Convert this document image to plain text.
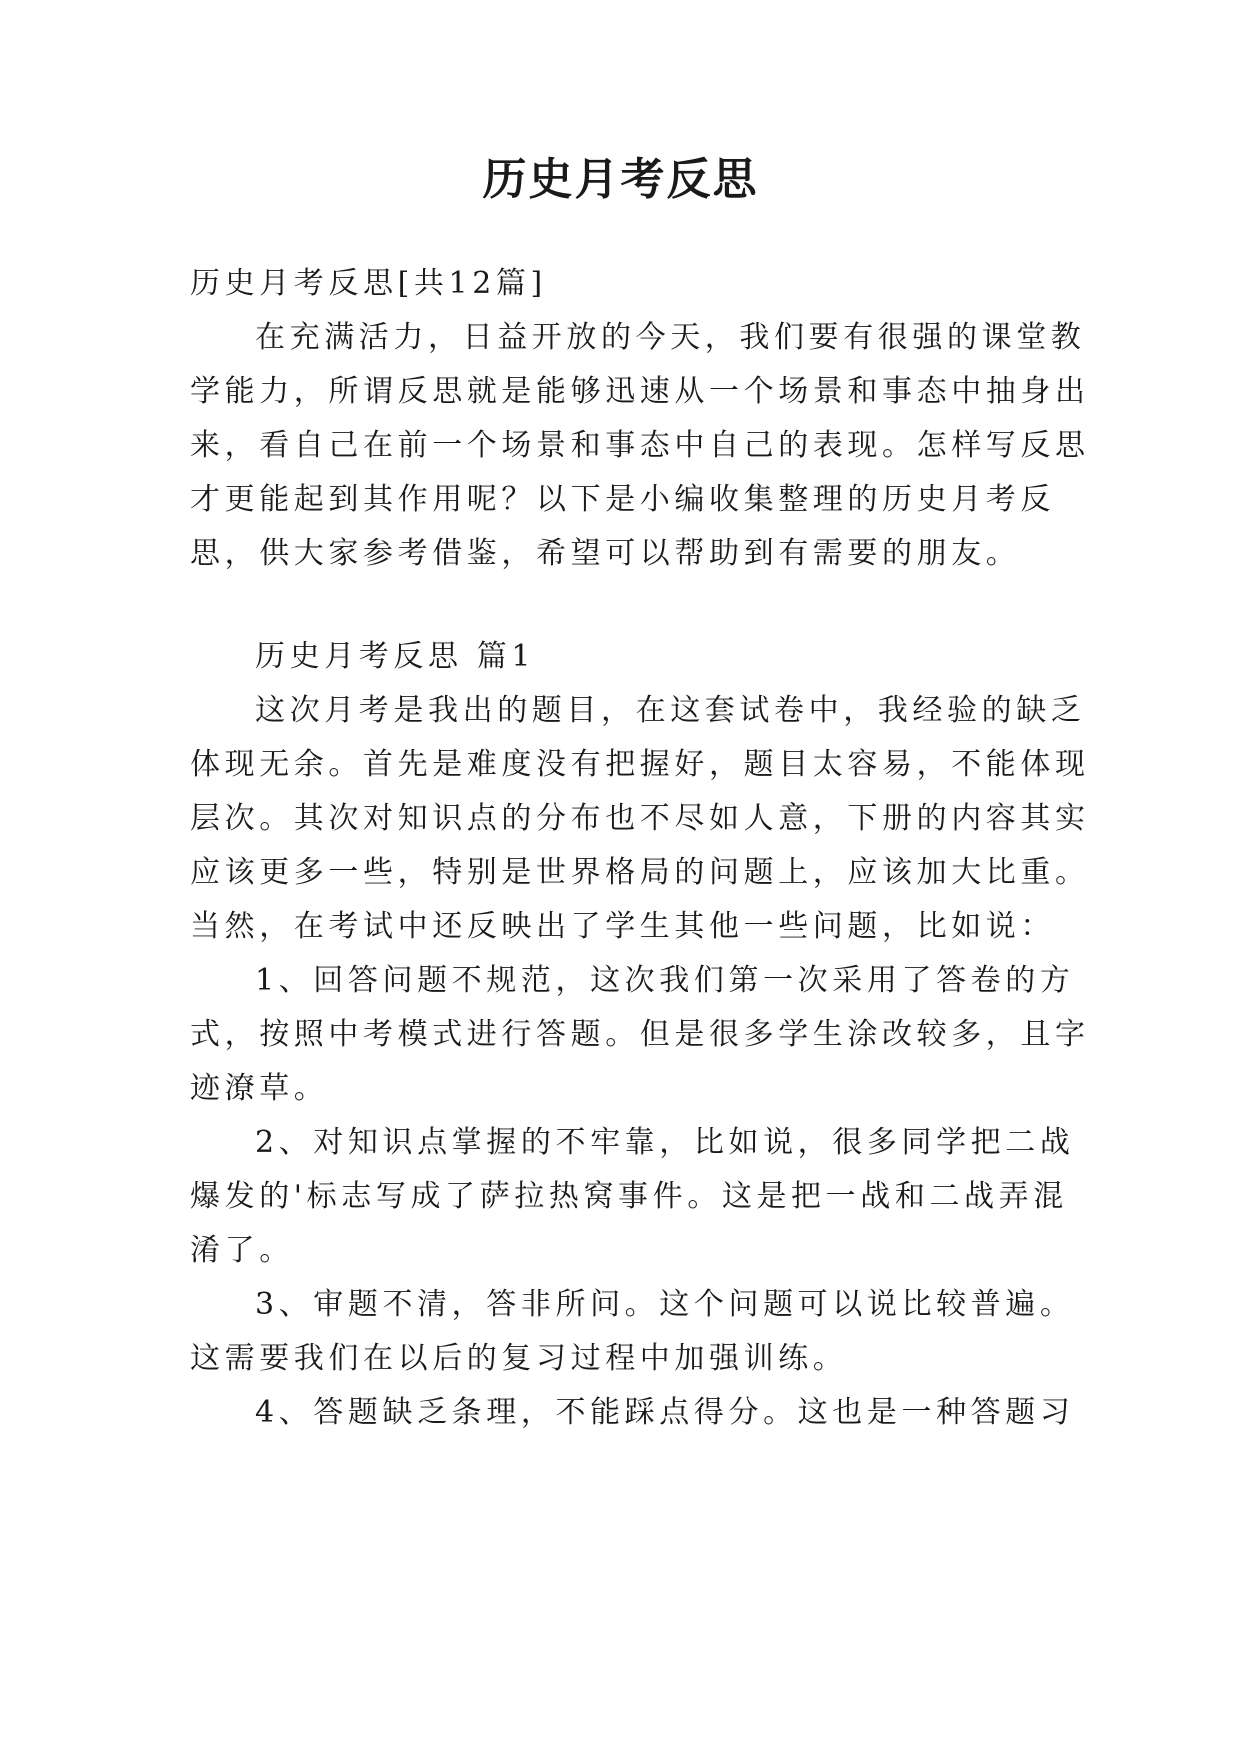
历史月考反思
历史月考反思[共12篇]
在充满活力，日益开放的今天，我们要有很强的课堂教
学能力，所谓反思就是能够迅速从一个场景和事态中抽身出
来，看自己在前一个场景和事态中自己的表现。怎样写反思
才更能起到其作用呢？以下是小编收集整理的历史月考反
思，供大家参考借鉴，希望可以帮助到有需要的朋友。
历史月考反思 篇1
这次月考是我出的题目，在这套试卷中，我经验的缺乏
体现无余。首先是难度没有把握好，题目太容易，不能体现
层次。其次对知识点的分布也不尽如人意，下册的内容其实
应该更多一些，特别是世界格局的问题上，应该加大比重。
当然，在考试中还反映出了学生其他一些问题，比如说：
1、回答问题不规范，这次我们第一次采用了答卷的方
式，按照中考模式进行答题。但是很多学生涂改较多，且字
迹潦草。
2、对知识点掌握的不牢靠，比如说，很多同学把二战
爆发的'标志写成了萨拉热窝事件。这是把一战和二战弄混
淆了。
3、审题不清，答非所问。这个问题可以说比较普遍。
这需要我们在以后的复习过程中加强训练。
4、答题缺乏条理，不能踩点得分。这也是一种答题习
